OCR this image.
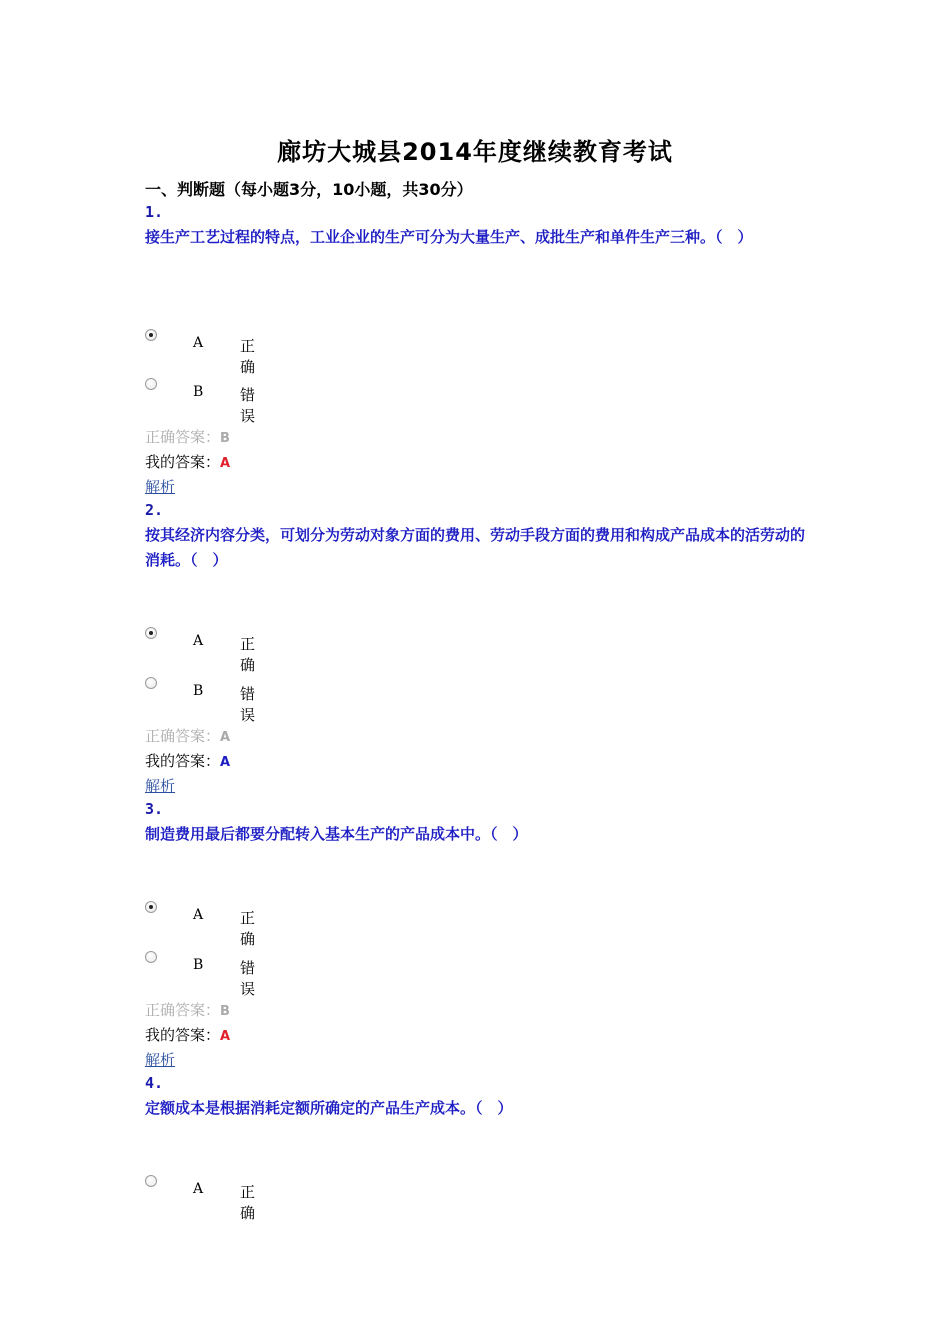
廊坊大城县2014年度继续教育考试
一、判断题（每小题3分，10小题，共30分）
1.
接生产工艺过程的特点，工业企业的生产可分为大量生产、成批生产和单件生产三种。（　）
A 正确
B 错误
正确答案：B
我的答案：A
解析
2.
按其经济内容分类，可划分为劳动对象方面的费用、劳动手段方面的费用和构成产品成本的活劳动的消耗。（　）
A 正确
B 错误
正确答案：A
我的答案：A
解析
3.
制造费用最后都要分配转入基本生产的产品成本中。（　）
A 正确
B 错误
正确答案：B
我的答案：A
解析
4.
定额成本是根据消耗定额所确定的产品生产成本。（　）
A 正确
